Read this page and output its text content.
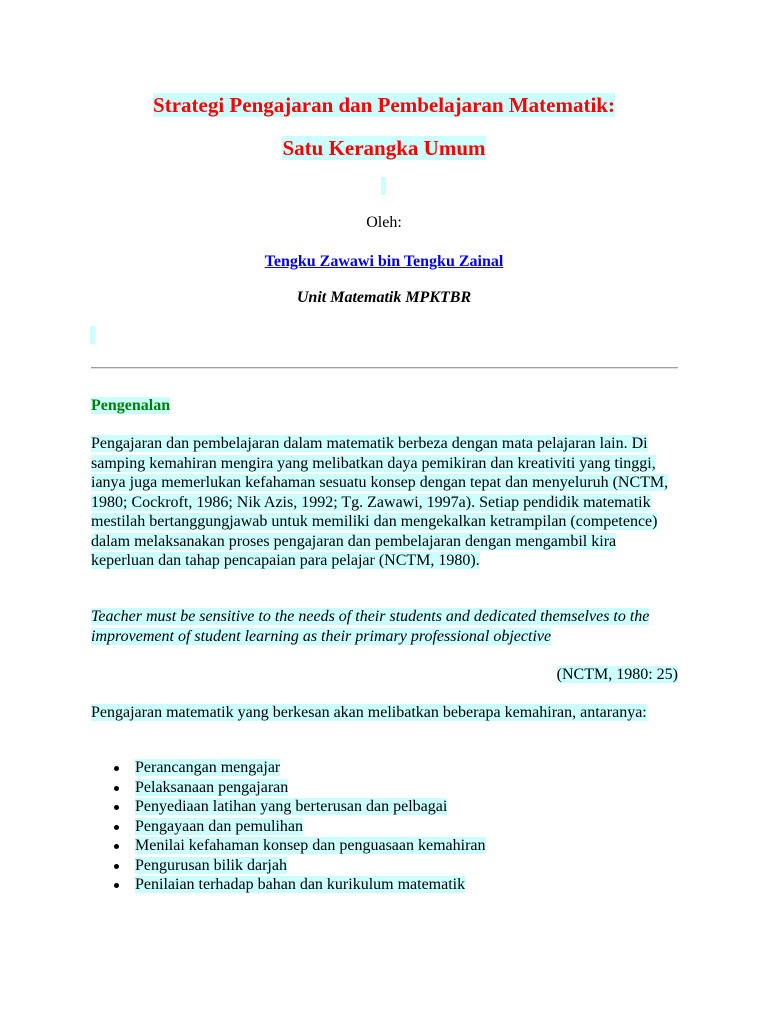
Strategi Pengajaran dan Pembelajaran Matematik:
Satu Kerangka Umum
Oleh:
Tengku Zawawi bin Tengku Zainal
Unit Matematik MPKTBR

Pengenalan

Pengajaran dan pembelajaran dalam matematik berbeza dengan mata pelajaran lain. Di samping kemahiran mengira yang melibatkan daya pemikiran dan kreativiti yang tinggi, ianya juga memerlukan kefahaman sesuatu konsep dengan tepat dan menyeluruh (NCTM, 1980; Cockroft, 1986; Nik Azis, 1992; Tg. Zawawi, 1997a). Setiap pendidik matematik mestilah bertanggungjawab untuk memiliki dan mengekalkan ketrampilan (competence) dalam melaksanakan proses pengajaran dan pembelajaran dengan mengambil kira keperluan dan tahap pencapaian para pelajar (NCTM, 1980).

Teacher must be sensitive to the needs of their students and dedicated themselves to the improvement of student learning as their primary professional objective

(NCTM, 1980: 25)

Pengajaran matematik yang berkesan akan melibatkan beberapa kemahiran, antaranya:

Perancangan mengajar
Pelaksanaan pengajaran
Penyediaan latihan yang berterusan dan pelbagai
Pengayaan dan pemulihan
Menilai kefahaman konsep dan penguasaan kemahiran
Pengurusan bilik darjah
Penilaian terhadap bahan dan kurikulum matematik
